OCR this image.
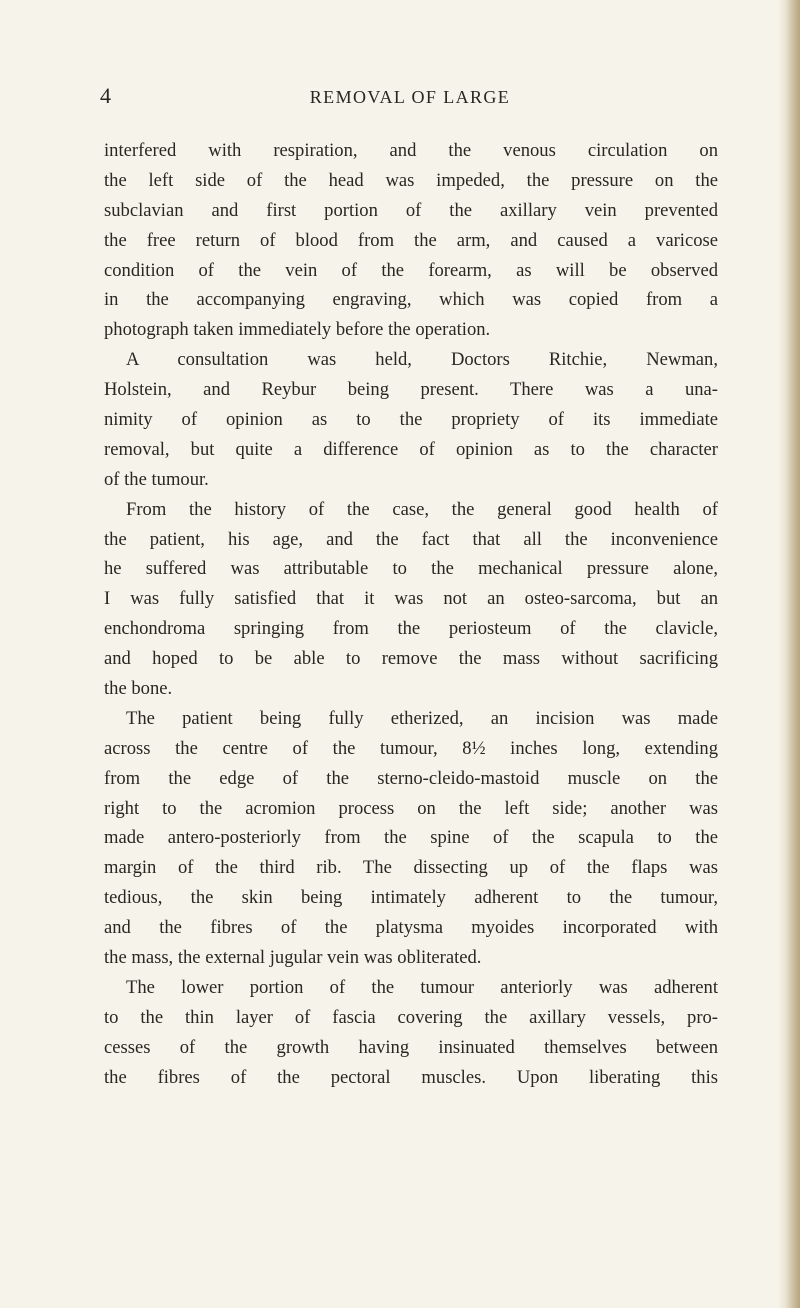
4	REMOVAL OF LARGE
interfered with respiration, and the venous circulation on
the left side of the head was impeded, the pressure on the
subclavian and first portion of the axillary vein prevented
the free return of blood from the arm, and caused a varicose
condition of the vein of the forearm, as will be observed
in the accompanying engraving, which was copied from a
photograph taken immediately before the operation.
A consultation was held, Doctors Ritchie, Newman,
Holstein, and Reybur being present. There was a una-
nimity of opinion as to the propriety of its immediate
removal, but quite a difference of opinion as to the character
of the tumour.
From the history of the case, the general good health of
the patient, his age, and the fact that all the inconvenience
he suffered was attributable to the mechanical pressure alone,
I was fully satisfied that it was not an osteo-sarcoma, but an
enchondroma springing from the periosteum of the clavicle,
and hoped to be able to remove the mass without sacrificing
the bone.
The patient being fully etherized, an incision was made
across the centre of the tumour, 8½ inches long, extending
from the edge of the sterno-cleido-mastoid muscle on the
right to the acromion process on the left side; another was
made antero-posteriorly from the spine of the scapula to the
margin of the third rib. The dissecting up of the flaps was
tedious, the skin being intimately adherent to the tumour,
and the fibres of the platysma myoides incorporated with
the mass, the external jugular vein was obliterated.
The lower portion of the tumour anteriorly was adherent
to the thin layer of fascia covering the axillary vessels, pro-
cesses of the growth having insinuated themselves between
the fibres of the pectoral muscles. Upon liberating this
